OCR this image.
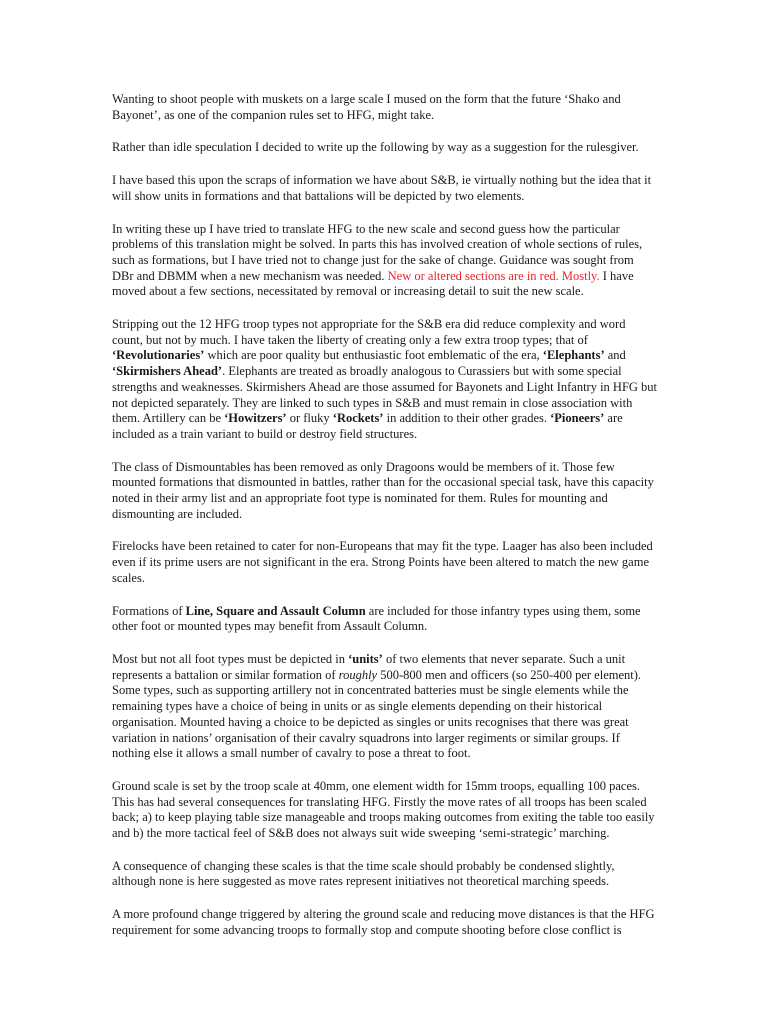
Wanting to shoot people with muskets on a large scale I mused on the form that the future ‘Shako and Bayonet’, as one of the companion rules set to HFG, might take.

Rather than idle speculation I decided to write up the following by way as a suggestion for the rulesgiver.

I have based this upon the scraps of information we have about S&B, ie virtually nothing but the idea that it will show units in formations and that battalions will be depicted by two elements.

In writing these up I have tried to translate HFG to the new scale and second guess how the particular problems of this translation might be solved. In parts this has involved creation of whole sections of rules, such as formations, but I have tried not to change just for the sake of change. Guidance was sought from DBr and DBMM when a new mechanism was needed. New or altered sections are in red. Mostly. I have moved about a few sections, necessitated by removal or increasing detail to suit the new scale.

Stripping out the 12 HFG troop types not appropriate for the S&B era did reduce complexity and word count, but not by much. I have taken the liberty of creating only a few extra troop types; that of ‘Revolutionaries’ which are poor quality but enthusiastic foot emblematic of the era, ‘Elephants’ and ‘Skirmishers Ahead’. Elephants are treated as broadly analogous to Curassiers but with some special strengths and weaknesses. Skirmishers Ahead are those assumed for Bayonets and Light Infantry in HFG but not depicted separately. They are linked to such types in S&B and must remain in close association with them. Artillery can be ‘Howitzers’ or fluky ‘Rockets’ in addition to their other grades. ‘Pioneers’ are included as a train variant to build or destroy field structures.

The class of Dismountables has been removed as only Dragoons would be members of it. Those few mounted formations that dismounted in battles, rather than for the occasional special task, have this capacity noted in their army list and an appropriate foot type is nominated for them. Rules for mounting and dismounting are included.

Firelocks have been retained to cater for non-Europeans that may fit the type. Laager has also been included even if its prime users are not significant in the era. Strong Points have been altered to match the new game scales.

Formations of Line, Square and Assault Column are included for those infantry types using them, some other foot or mounted types may benefit from Assault Column.

Most but not all foot types must be depicted in ‘units’ of two elements that never separate. Such a unit represents a battalion or similar formation of roughly 500-800 men and officers (so 250-400 per element). Some types, such as supporting artillery not in concentrated batteries must be single elements while the remaining types have a choice of being in units or as single elements depending on their historical organisation. Mounted having a choice to be depicted as singles or units recognises that there was great variation in nations’ organisation of their cavalry squadrons into larger regiments or similar groups. If nothing else it allows a small number of cavalry to pose a threat to foot.

Ground scale is set by the troop scale at 40mm, one element width for 15mm troops, equalling 100 paces. This has had several consequences for translating HFG. Firstly the move rates of all troops has been scaled back; a) to keep playing table size manageable and troops making outcomes from exiting the table too easily and b) the more tactical feel of S&B does not always suit wide sweeping ‘semi-strategic’ marching.

A consequence of changing these scales is that the time scale should probably be condensed slightly, although none is here suggested as move rates represent initiatives not theoretical marching speeds.

A more profound change triggered by altering the ground scale and reducing move distances is that the HFG requirement for some advancing troops to formally stop and compute shooting before close conflict is
